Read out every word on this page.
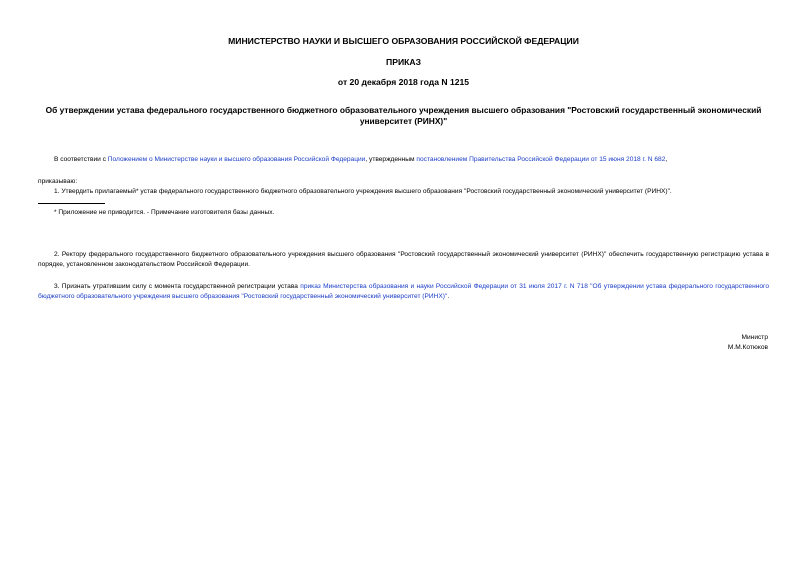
МИНИСТЕРСТВО НАУКИ И ВЫСШЕГО ОБРАЗОВАНИЯ РОССИЙСКОЙ ФЕДЕРАЦИИ
ПРИКАЗ
от 20 декабря 2018 года N 1215
Об утверждении устава федерального государственного бюджетного образовательного учреждения высшего образования "Ростовский государственный экономический университет (РИНХ)"
В соответствии с Положением о Министерстве науки и высшего образования Российской Федерации, утвержденным постановлением Правительства Российской Федерации от 15 июня 2018 г. N 682,
приказываю:
1. Утвердить прилагаемый* устав федерального государственного бюджетного образовательного учреждения высшего образования "Ростовский государственный экономический университет (РИНХ)".
* Приложение не приводится. - Примечание изготовителя базы данных.
2. Ректору федерального государственного бюджетного образовательного учреждения высшего образования "Ростовский государственный экономический университет (РИНХ)" обеспечить государственную регистрацию устава в порядке, установленном законодательством Российской Федерации.
3. Признать утратившим силу с момента государственной регистрации устава приказ Министерства образования и науки Российской Федерации от 31 июля 2017 г. N 718 "Об утверждении устава федерального государственного бюджетного образовательного учреждения высшего образования "Ростовский государственный экономический университет (РИНХ)".
Министр
М.М.Котюков
